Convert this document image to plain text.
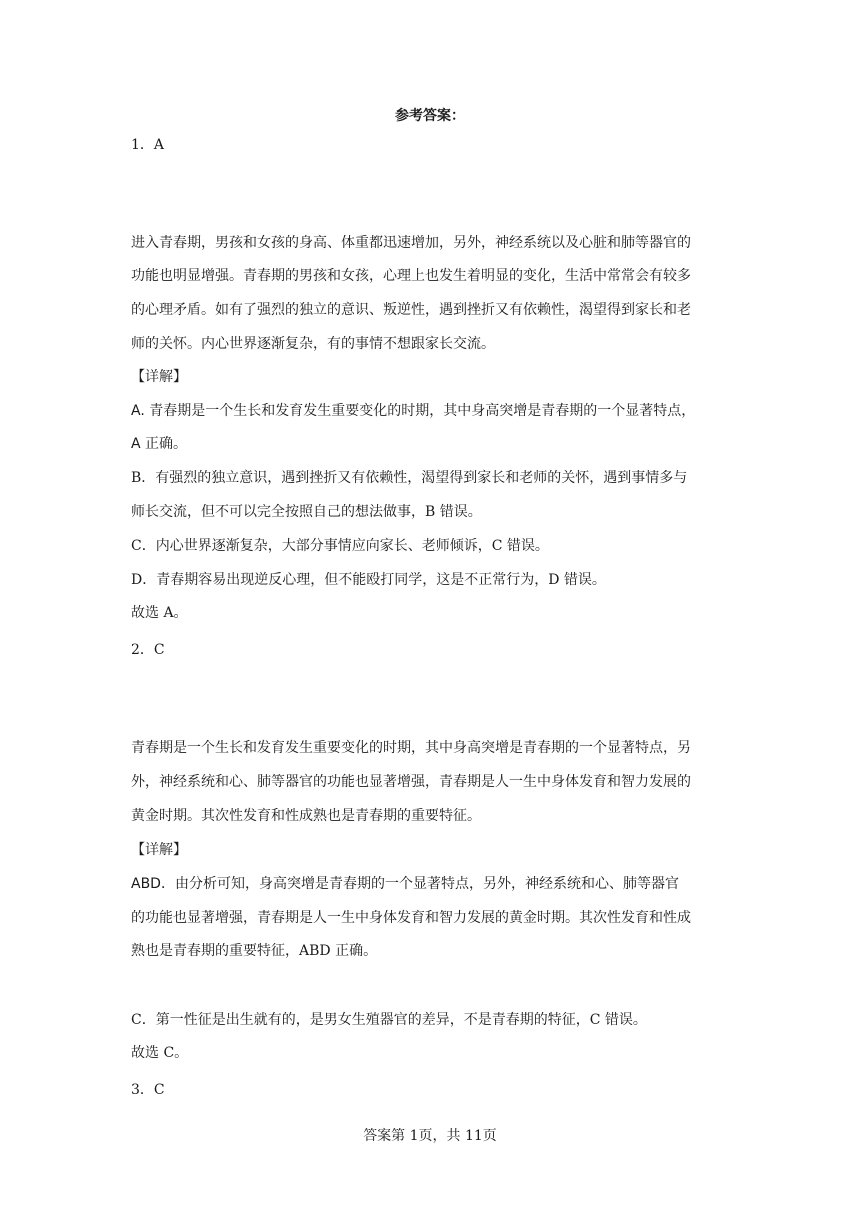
参考答案：
1．A
进入青春期，男孩和女孩的身高、体重都迅速增加，另外，神经系统以及心脏和肺等器官的
功能也明显增强。青春期的男孩和女孩，心理上也发生着明显的变化，生活中常常会有较多
的心理矛盾。如有了强烈的独立的意识、叛逆性，遇到挫折又有依赖性，渴望得到家长和老
师的关怀。内心世界逐渐复杂，有的事情不想跟家长交流。
【详解】
A. 青春期是一个生长和发育发生重要变化的时期，其中身高突增是青春期的一个显著特点，
A 正确。
B．有强烈的独立意识，遇到挫折又有依赖性，渴望得到家长和老师的关怀，遇到事情多与
师长交流，但不可以完全按照自己的想法做事，B 错误。
C．内心世界逐渐复杂，大部分事情应向家长、老师倾诉，C 错误。
D．青春期容易出现逆反心理，但不能殴打同学，这是不正常行为，D 错误。
故选 A。
2．C
青春期是一个生长和发育发生重要变化的时期，其中身高突增是青春期的一个显著特点，另
外，神经系统和心、肺等器官的功能也显著增强，青春期是人一生中身体发育和智力发展的
黄金时期。其次性发育和性成熟也是青春期的重要特征。
【详解】
ABD．由分析可知，身高突增是青春期的一个显著特点，另外，神经系统和心、肺等器官
的功能也显著增强，青春期是人一生中身体发育和智力发展的黄金时期。其次性发育和性成
熟也是青春期的重要特征，ABD 正确。
C．第一性征是出生就有的，是男女生殖器官的差异，不是青春期的特征，C 错误。
故选 C。
3．C
答案第 1页，共 11页
